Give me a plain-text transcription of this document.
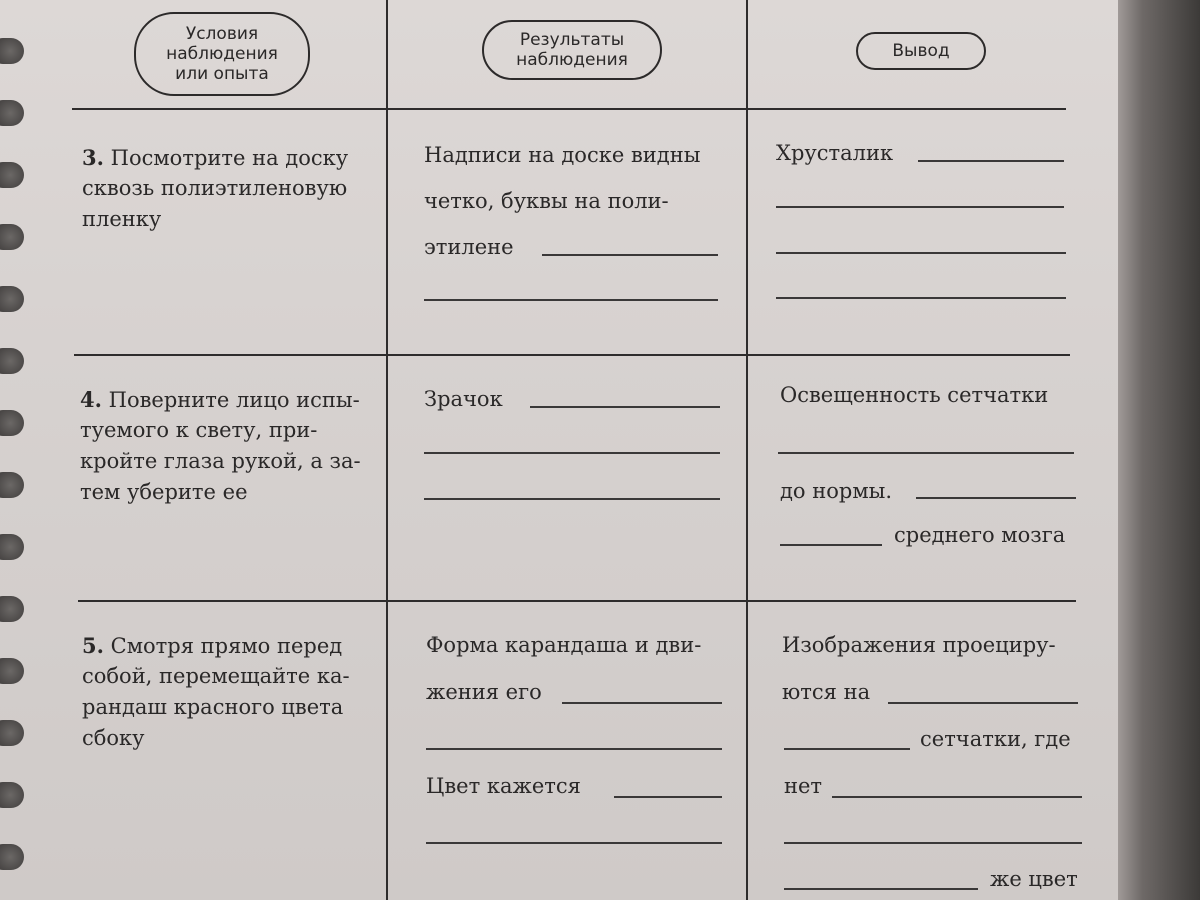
Условия
наблюдения
или опыта
Результаты
наблюдения	Вывод
3. Посмотрите на доску
сквозь полиэтиленовую
пленку
Надписи на доске видны
четко, буквы на поли-
этилене
Хрусталик
4. Поверните лицо испы-
туемого к свету, при-
кройте глаза рукой, а за-
тем уберите ее
Зрачок	Освещенность сетчатки
до нормы.
среднего мозга
5. Смотря прямо перед
собой, перемещайте ка-
рандаш красного цвета
сбоку
Форма карандаша и дви-
жения его
Цвет кажется
Изображения проециру-
ются на
сетчатки, где
нет
же цвет
